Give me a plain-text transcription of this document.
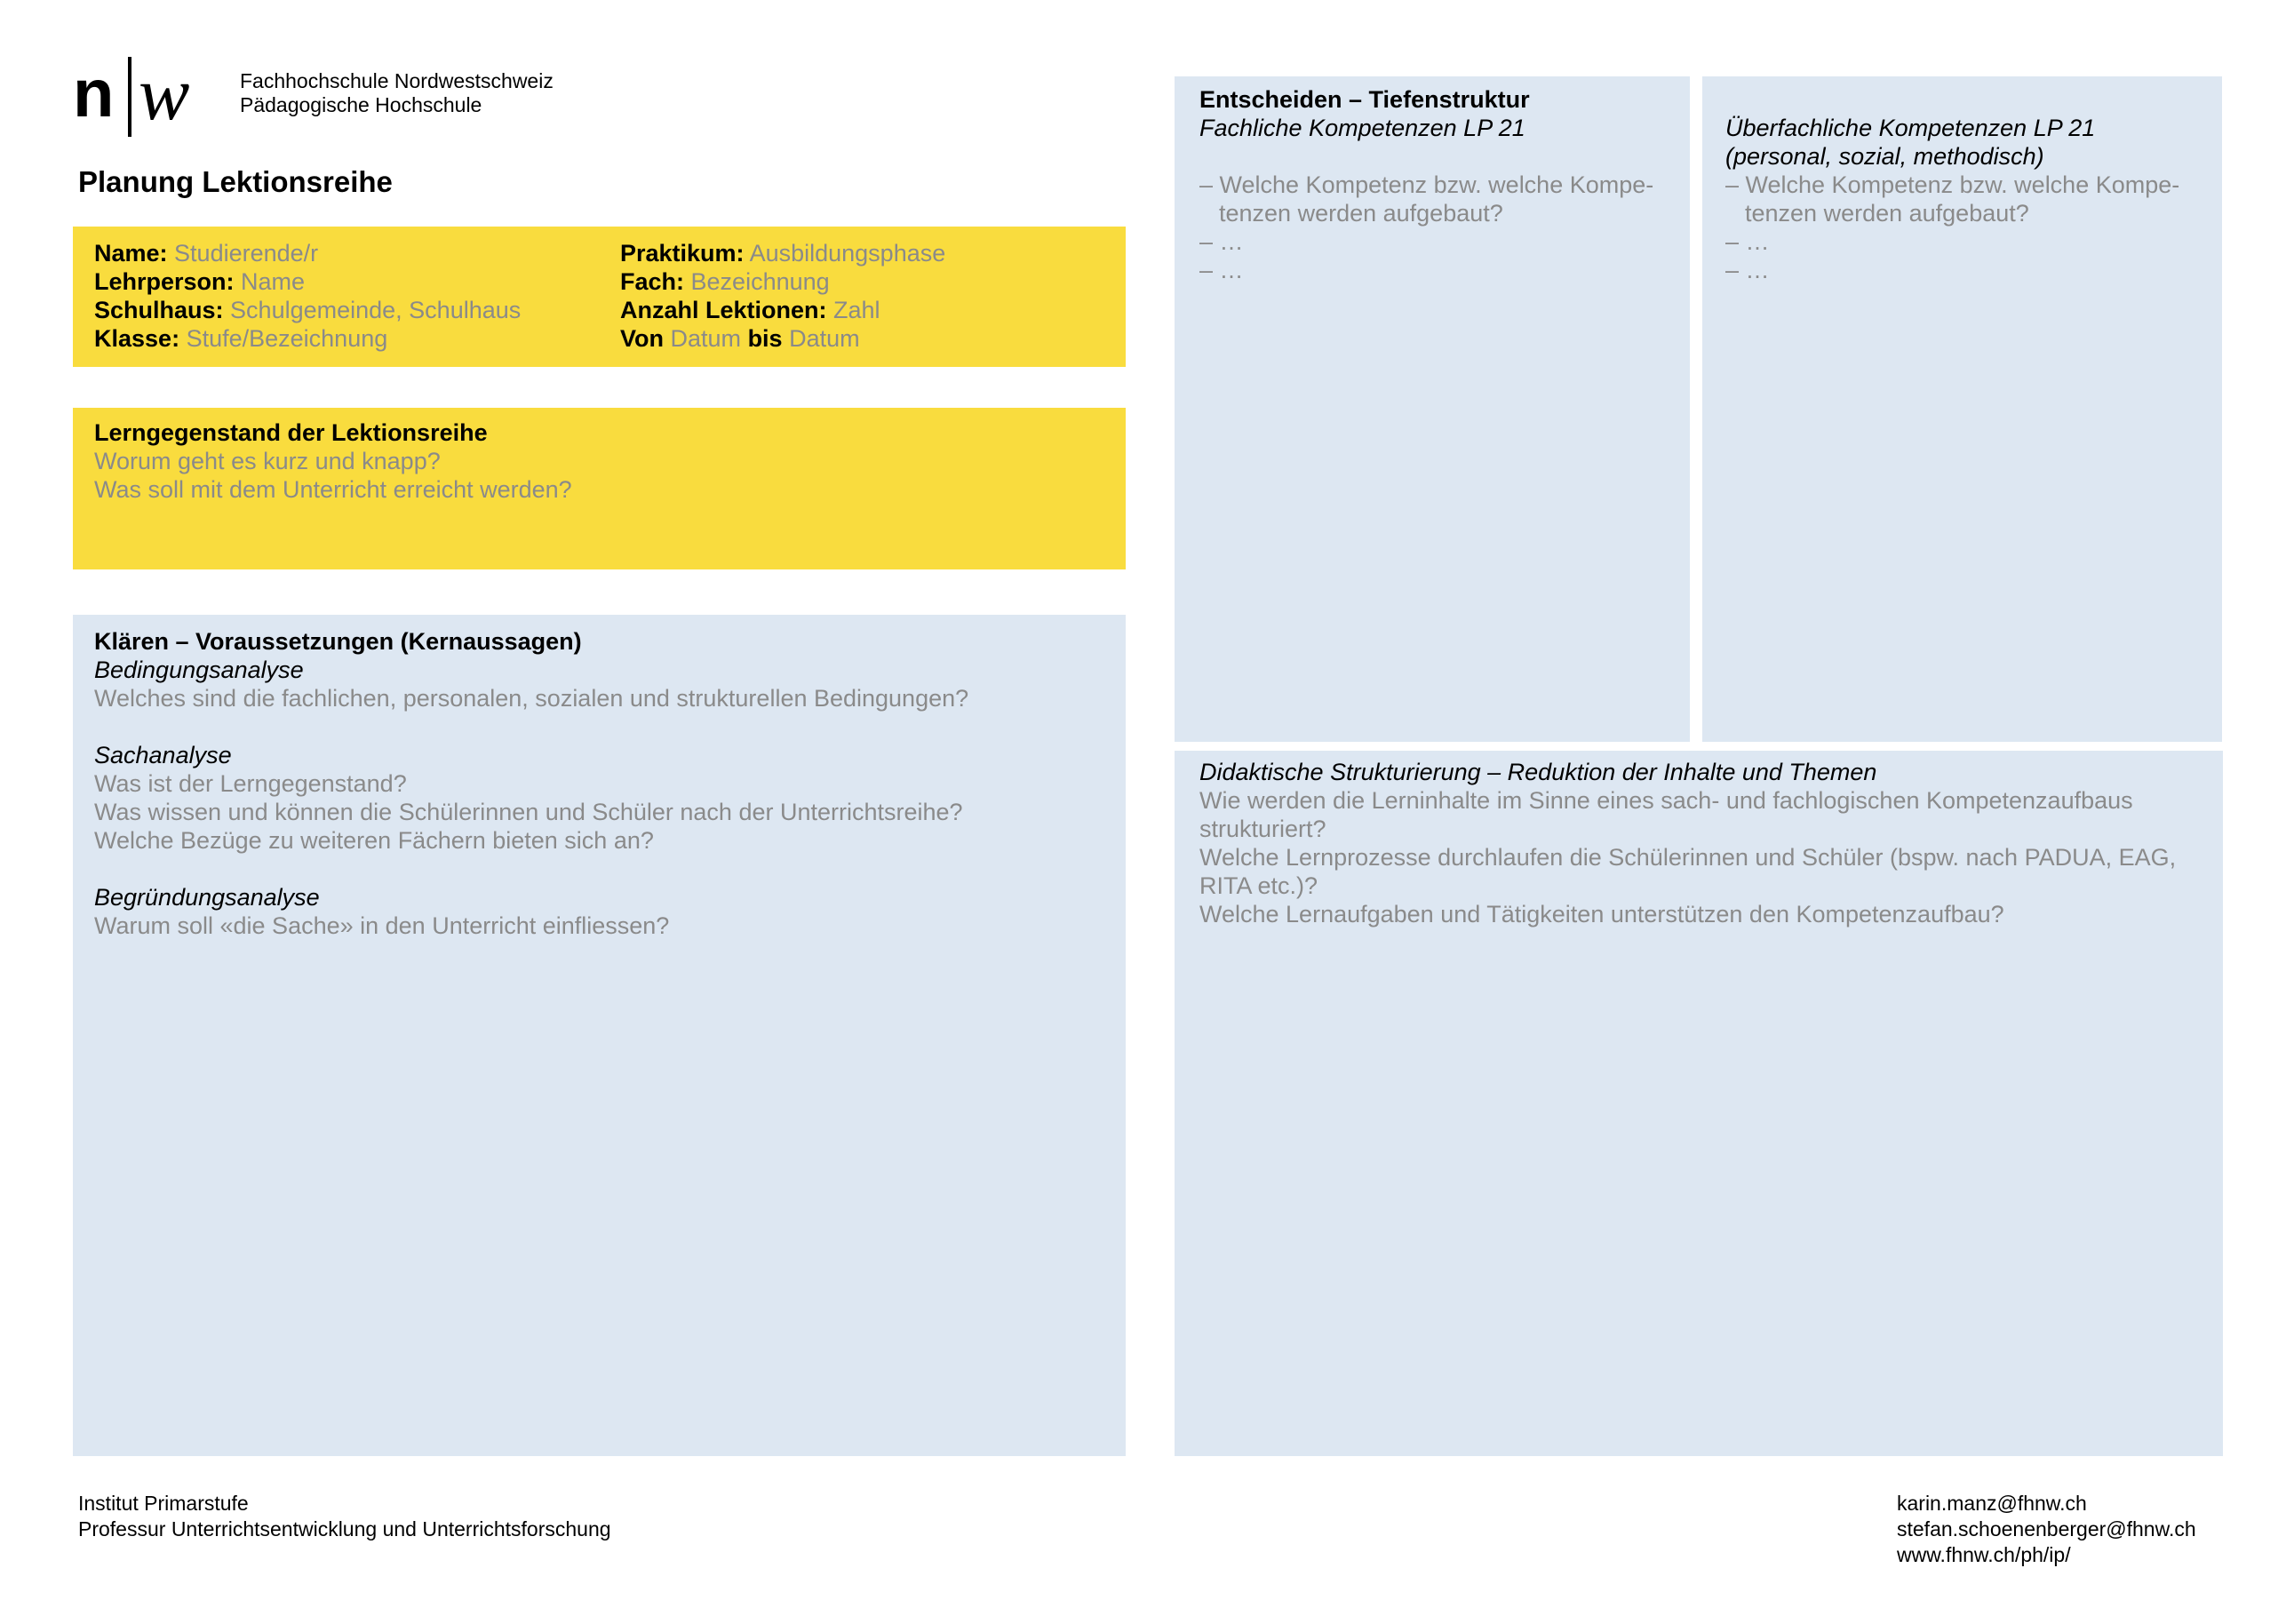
n w Fachhochschule Nordwestschweiz
Pädagogische Hochschule
Planung Lektionsreihe
Name: Studierende/r
Lehrperson: Name
Schulhaus: Schulgemeinde, Schulhaus
Klasse: Stufe/Bezeichnung
Praktikum: Ausbildungsphase
Fach: Bezeichnung
Anzahl Lektionen: Zahl
Von Datum bis Datum
Lerngegenstand der Lektionsreihe
Worum geht es kurz und knapp?
Was soll mit dem Unterricht erreicht werden?
Klären – Voraussetzungen (Kernaussagen)
Bedingungsanalyse
Welches sind die fachlichen, personalen, sozialen und strukturellen Bedingungen?
Sachanalyse
Was ist der Lerngegenstand?
Was wissen und können die Schülerinnen und Schüler nach der Unterrichtsreihe?
Welche Bezüge zu weiteren Fächern bieten sich an?
Begründungsanalyse
Warum soll «die Sache» in den Unterricht einfliessen?
Entscheiden – Tiefenstruktur
Fachliche Kompetenzen LP 21
– Welche Kompetenz bzw. welche Kompe-tenzen werden aufgebaut?
– …
– …
Überfachliche Kompetenzen LP 21
(personal, sozial, methodisch)
– Welche Kompetenz bzw. welche Kompe-tenzen werden aufgebaut?
– …
– …
Didaktische Strukturierung – Reduktion der Inhalte und Themen
Wie werden die Lerninhalte im Sinne eines sach- und fachlogischen Kompetenzaufbaus strukturiert?
Welche Lernprozesse durchlaufen die Schülerinnen und Schüler (bspw. nach PADUA, EAG, RITA etc.)?
Welche Lernaufgaben und Tätigkeiten unterstützen den Kompetenzaufbau?
Institut Primarstufe
Professur Unterrichtsentwicklung und Unterrichtsforschung
karin.manz@fhnw.ch
stefan.schoenenberger@fhnw.ch
www.fhnw.ch/ph/ip/
